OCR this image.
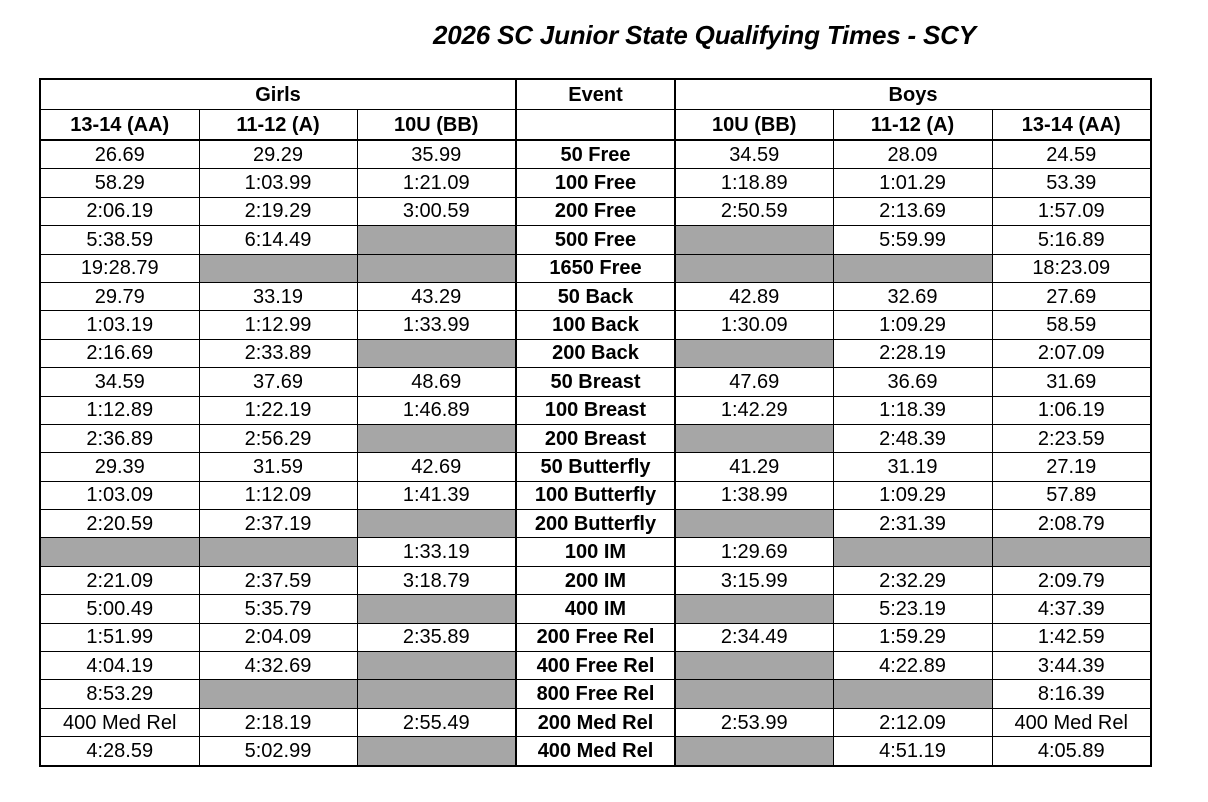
2026 SC Junior State Qualifying Times - SCY
Girls			Event	Boys		
13-14 (AA)	11-12 (A)	10U (BB)		10U (BB)	11-12 (A)	13-14 (AA)
26.69	29.29	35.99	50 Free	34.59	28.09	24.59
58.29	1:03.99	1:21.09	100 Free	1:18.89	1:01.29	53.39
2:06.19	2:19.29	3:00.59	200 Free	2:50.59	2:13.69	1:57.09
5:38.59	6:14.49		500 Free		5:59.99	5:16.89
19:28.79			1650 Free			18:23.09
29.79	33.19	43.29	50 Back	42.89	32.69	27.69
1:03.19	1:12.99	1:33.99	100 Back	1:30.09	1:09.29	58.59
2:16.69	2:33.89		200 Back		2:28.19	2:07.09
34.59	37.69	48.69	50 Breast	47.69	36.69	31.69
1:12.89	1:22.19	1:46.89	100 Breast	1:42.29	1:18.39	1:06.19
2:36.89	2:56.29		200 Breast		2:48.39	2:23.59
29.39	31.59	42.69	50 Butterfly	41.29	31.19	27.19
1:03.09	1:12.09	1:41.39	100 Butterfly	1:38.99	1:09.29	57.89
2:20.59	2:37.19		200 Butterfly		2:31.39	2:08.79
		1:33.19	100 IM	1:29.69		
2:21.09	2:37.59	3:18.79	200 IM	3:15.99	2:32.29	2:09.79
5:00.49	5:35.79		400 IM		5:23.19	4:37.39
1:51.99	2:04.09	2:35.89	200 Free Rel	2:34.49	1:59.29	1:42.59
4:04.19	4:32.69		400 Free Rel		4:22.89	3:44.39
8:53.29			800 Free Rel			8:16.39
400 Med Rel	2:18.19	2:55.49	200 Med Rel	2:53.99	2:12.09	400 Med Rel
4:28.59	5:02.99		400 Med Rel		4:51.19	4:05.89
